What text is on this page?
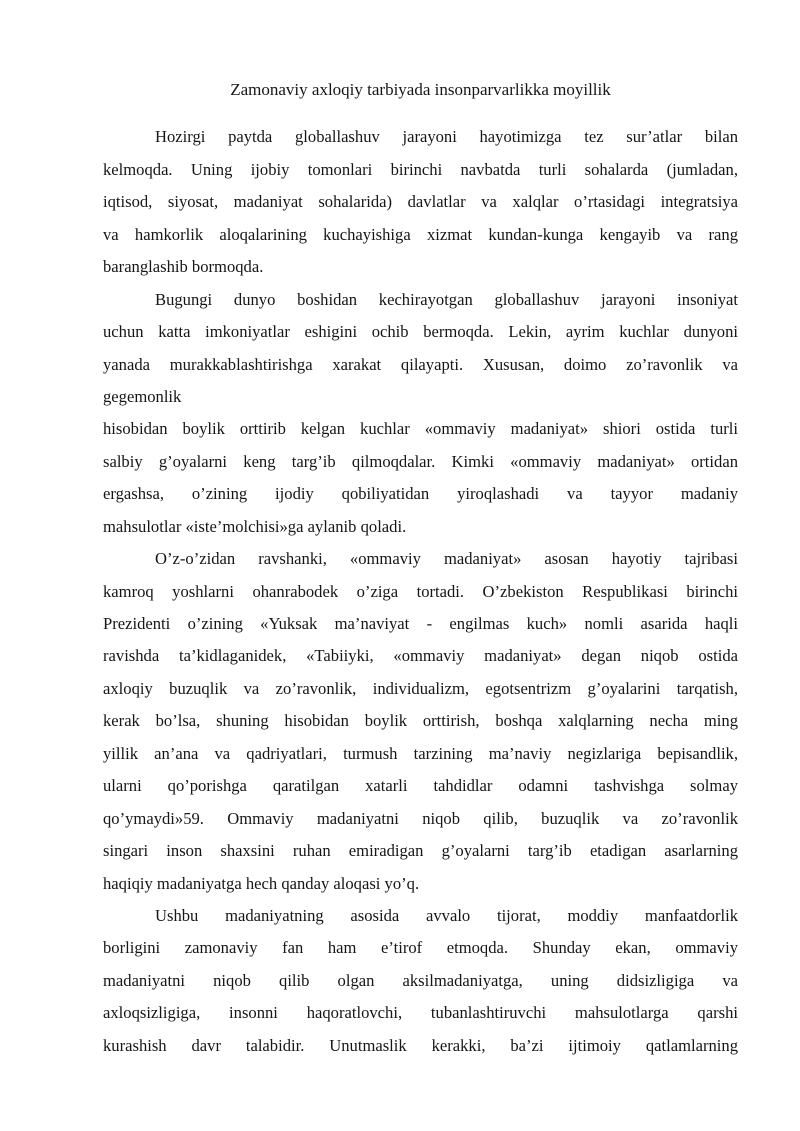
Zamonaviy axloqiy tarbiyada insonparvarlikka moyillik
Hozirgi paytda globallashuv jarayoni hayotimizga tez sur’atlar bilan
kelmoqda. Uning ijobiy tomonlari birinchi navbatda turli sohalarda (jumladan,
iqtisod, siyosat, madaniyat sohalarida) davlatlar va xalqlar o’rtasidagi integratsiya
va hamkorlik aloqalarining kuchayishiga xizmat kundan-kunga kengayib va rang
baranglashib bormoqda.
Bugungi dunyo boshidan kechirayotgan globallashuv jarayoni insoniyat
uchun katta imkoniyatlar eshigini ochib bermoqda. Lekin, ayrim kuchlar dunyoni
yanada murakkablashtirishga xarakat qilayapti. Xususan, doimo zo’ravonlik va
gegemonlik
hisobidan boylik orttirib kelgan kuchlar «ommaviy madaniyat» shiori ostida turli
salbiy g’oyalarni keng targ’ib qilmoqdalar. Kimki «ommaviy madaniyat» ortidan
ergashsa, o’zining ijodiy qobiliyatidan yiroqlashadi va tayyor madaniy
mahsulotlar «iste’molchisi»ga aylanib qoladi.
O’z-o’zidan ravshanki, «ommaviy madaniyat» asosan hayotiy tajribasi
kamroq yoshlarni ohanrabodek o’ziga tortadi. O’zbekiston Respublikasi birinchi
Prezidenti o’zining «Yuksak ma’naviyat - engilmas kuch» nomli asarida haqli
ravishda ta’kidlaganidek, «Tabiiyki, «ommaviy madaniyat» degan niqob ostida
axloqiy buzuqlik va zo’ravonlik, individualizm, egotsentrizm g’oyalarini tarqatish,
kerak bo’lsa, shuning hisobidan boylik orttirish, boshqa xalqlarning necha ming
yillik an’ana va qadriyatlari, turmush tarzining ma’naviy negizlariga bepisandlik,
ularni qo’porishga qaratilgan xatarli tahdidlar odamni tashvishga solmay
qo’ymaydi»59. Ommaviy madaniyatni niqob qilib, buzuqlik va zo’ravonlik
singari inson shaxsini ruhan emiradigan g’oyalarni targ’ib etadigan asarlarning
haqiqiy madaniyatga hech qanday aloqasi yo’q.
Ushbu madaniyatning asosida avvalo tijorat, moddiy manfaatdorlik
borligini zamonaviy fan ham e’tirof etmoqda. Shunday ekan, ommaviy
madaniyatni niqob qilib olgan aksilmadaniyatga, uning didsizligiga va
axloqsizligiga, insonni haqoratlovchi, tubanlashtiruvchi mahsulotlarga qarshi
kurashish davr talabidir. Unutmaslik kerakki, ba’zi ijtimoiy qatlamlarning
